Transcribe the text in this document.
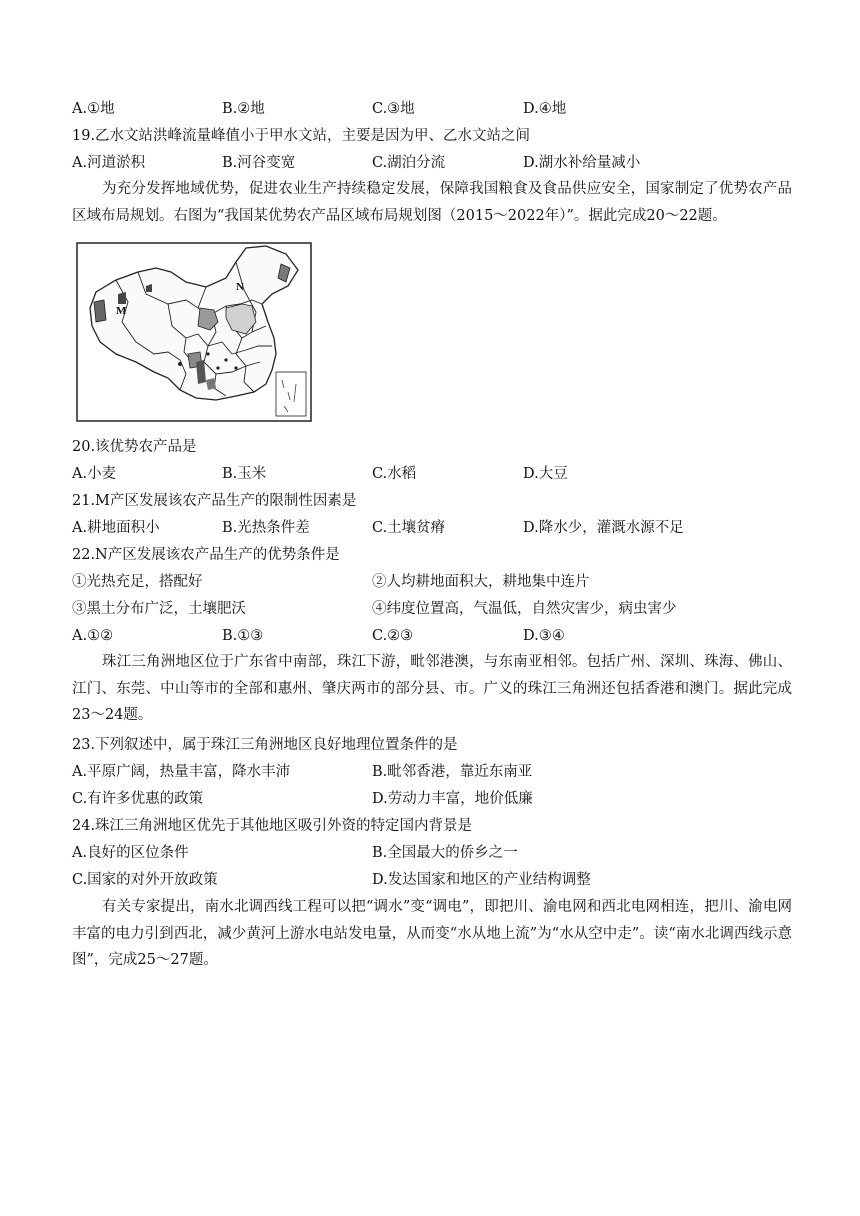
A.①地	B.②地	C.③地	D.④地
19.乙水文站洪峰流量峰值小于甲水文站，主要是因为甲、乙水文站之间
A.河道淤积	B.河谷变宽	C.湖泊分流	D.湖水补给量减小
为充分发挥地域优势，促进农业生产持续稳定发展，保障我国粮食及食品供应安全，国家制定了优势农产品区域布局规划。右图为“我国某优势农产品区域布局规划图（2015～2022年）”。据此完成20～22题。
M
N
20.该优势农产品是
A.小麦	B.玉米	C.水稻	D.大豆
21.M产区发展该农产品生产的限制性因素是
A.耕地面积小	B.光热条件差	C.土壤贫瘠	D.降水少，灌溉水源不足
22.N产区发展该农产品生产的优势条件是
①光热充足，搭配好	②人均耕地面积大，耕地集中连片
③黑土分布广泛，土壤肥沃	④纬度位置高，气温低，自然灾害少，病虫害少
A.①②	B.①③	C.②③	D.③④
珠江三角洲地区位于广东省中南部，珠江下游，毗邻港澳，与东南亚相邻。包括广州、深圳、珠海、佛山、江门、东莞、中山等市的全部和惠州、肇庆两市的部分县、市。广义的珠江三角洲还包括香港和澳门。据此完成23～24题。
23.下列叙述中，属于珠江三角洲地区良好地理位置条件的是
A.平原广阔，热量丰富，降水丰沛	B.毗邻香港，靠近东南亚
C.有许多优惠的政策	D.劳动力丰富，地价低廉
24.珠江三角洲地区优先于其他地区吸引外资的特定国内背景是
A.良好的区位条件	B.全国最大的侨乡之一
C.国家的对外开放政策	D.发达国家和地区的产业结构调整
有关专家提出，南水北调西线工程可以把“调水”变“调电”，即把川、渝电网和西北电网相连，把川、渝电网丰富的电力引到西北，减少黄河上游水电站发电量，从而变“水从地上流”为“水从空中走”。读“南水北调西线示意图”，完成25～27题。
